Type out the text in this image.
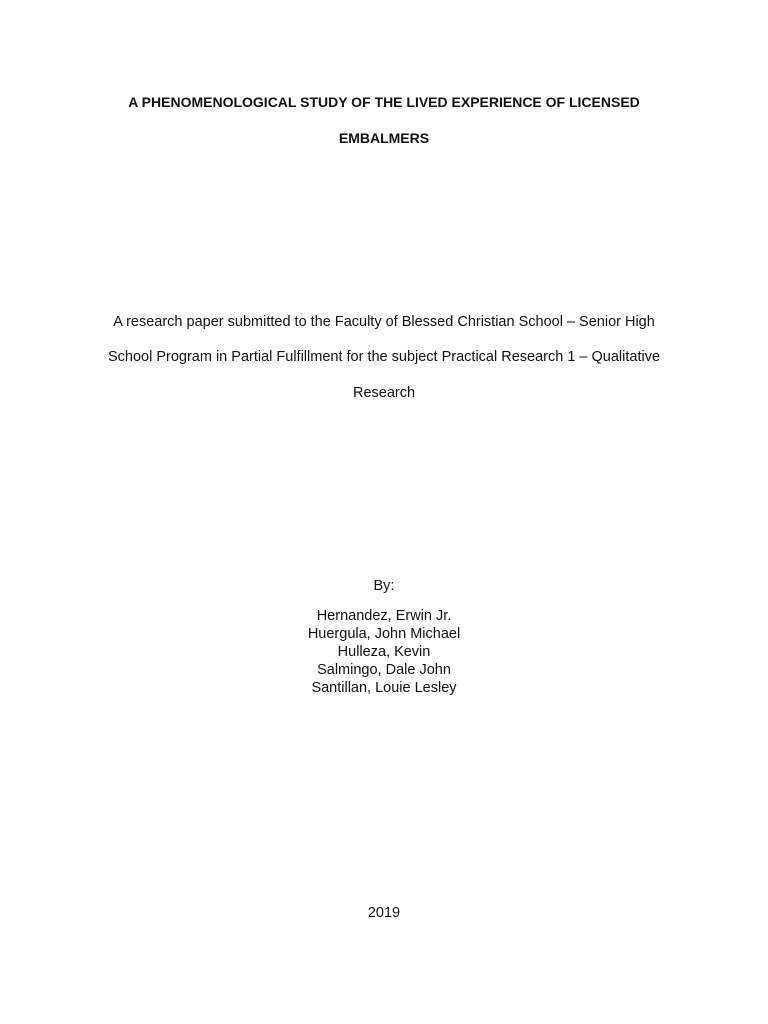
A PHENOMENOLOGICAL STUDY OF THE LIVED EXPERIENCE OF LICENSED
EMBALMERS
A research paper submitted to the Faculty of Blessed Christian School – Senior High
School Program in Partial Fulfillment for the subject Practical Research 1 – Qualitative
Research
By:
Hernandez, Erwin Jr.
Huergula, John Michael
Hulleza, Kevin
Salmingo, Dale John
Santillan, Louie Lesley
2019
